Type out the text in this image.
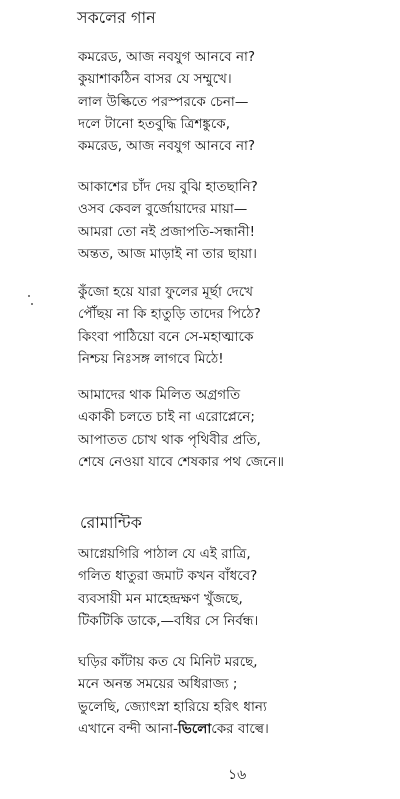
সকলের গান
কমরেড, আজ নবযুগ আনবে না?
কুয়াশাকঠিন বাসর যে সম্মুখে।
লাল উল্কিতে পরস্পরকে চেনা—
দলে টানো হতবুদ্ধি ত্রিশঙ্কুকে,
কমরেড, আজ নবযুগ আনবে না?
আকাশের চাঁদ দেয় বুঝি হাতছানি?
ওসব কেবল বুর্জোয়াদের মায়া—
আমরা তো নই প্রজাপতি-সন্ধানী!
অন্তত, আজ মাড়াই না তার ছায়া।
কুঁজো হয়ে যারা ফুলের মূর্ছা দেখে
পৌঁছয় না কি হাতুড়ি তাদের পিঠে?
কিংবা পাঠিয়ো বনে সে-মহাত্মাকে
নিশ্চয় নিঃসঙ্গ লাগবে মিঠে!
আমাদের থাক মিলিত অগ্রগতি
একাকী চলতে চাই না এরোপ্লেনে;
আপাতত চোখ থাক পৃথিবীর প্রতি,
শেষে নেওয়া যাবে শেষকার পথ জেনে॥
রোমান্টিক
আগ্নেয়গিরি পাঠাল যে এই রাত্রি,
গলিত ধাতুরা জমাট কখন বাঁধবে?
ব্যবসায়ী মন মাহেন্দ্রক্ষণ খুঁজছে,
টিকটিকি ডাকে,—বধির সে নির্বন্ধ।
ঘড়ির কাঁটায় কত যে মিনিট মরছে,
মনে অনন্ত সময়ের অধিরাজ্য ;
ভুলেছি, জ্যোৎস্না হারিয়ে হরিৎ ধান্য
এখানে বন্দী আনা-ভিলোকের বাল্বে।
১৬
